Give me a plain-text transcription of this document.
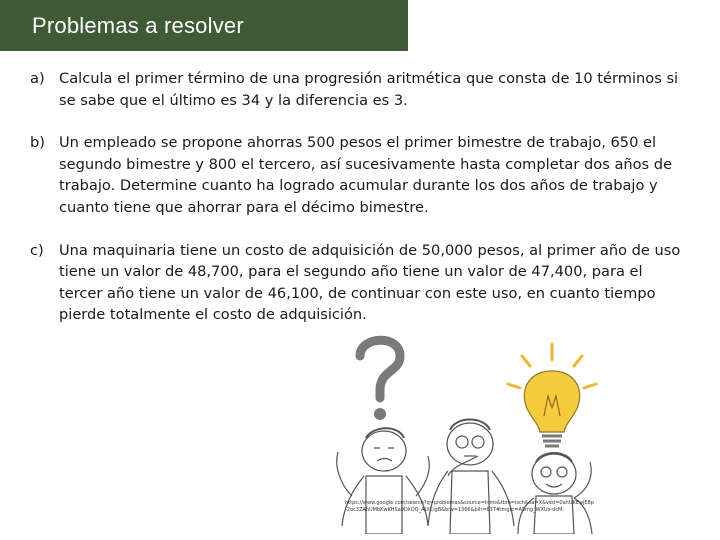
Problemas a resolver
a) Calcula el primer término de una progresión aritmética que consta de 10 términos si se sabe que el último es 34 y la diferencia es 3.
b) Un empleado se propone ahorras 500 pesos el primer bimestre de trabajo, 650 el segundo bimestre y 800 el tercero, así sucesivamente hasta completar dos años de trabajo. Determine cuanto ha logrado acumular durante los dos años de trabajo y cuanto tiene que ahorrar para el décimo bimestre.
c)	Una maquinaria tiene un costo de adquisición de 50,000 pesos, al primer año de uso tiene un valor de 48,700, para el segundo año tiene un valor de 47,400, para el tercer año tiene un valor de 46,100, de continuar con este uso, en cuanto tiempo pierde totalmente el costo de adquisición.
https://www.google.com/search?q=problemas&source=lnms&tbm=isch&sa=X&ved=0ahUKEwjE8p-2oc3ZAhUMbKwKHSa9DkQQ_AUICigB&biw=1366&bih=637#imgrc=A9mg_WXUs-dcM:
